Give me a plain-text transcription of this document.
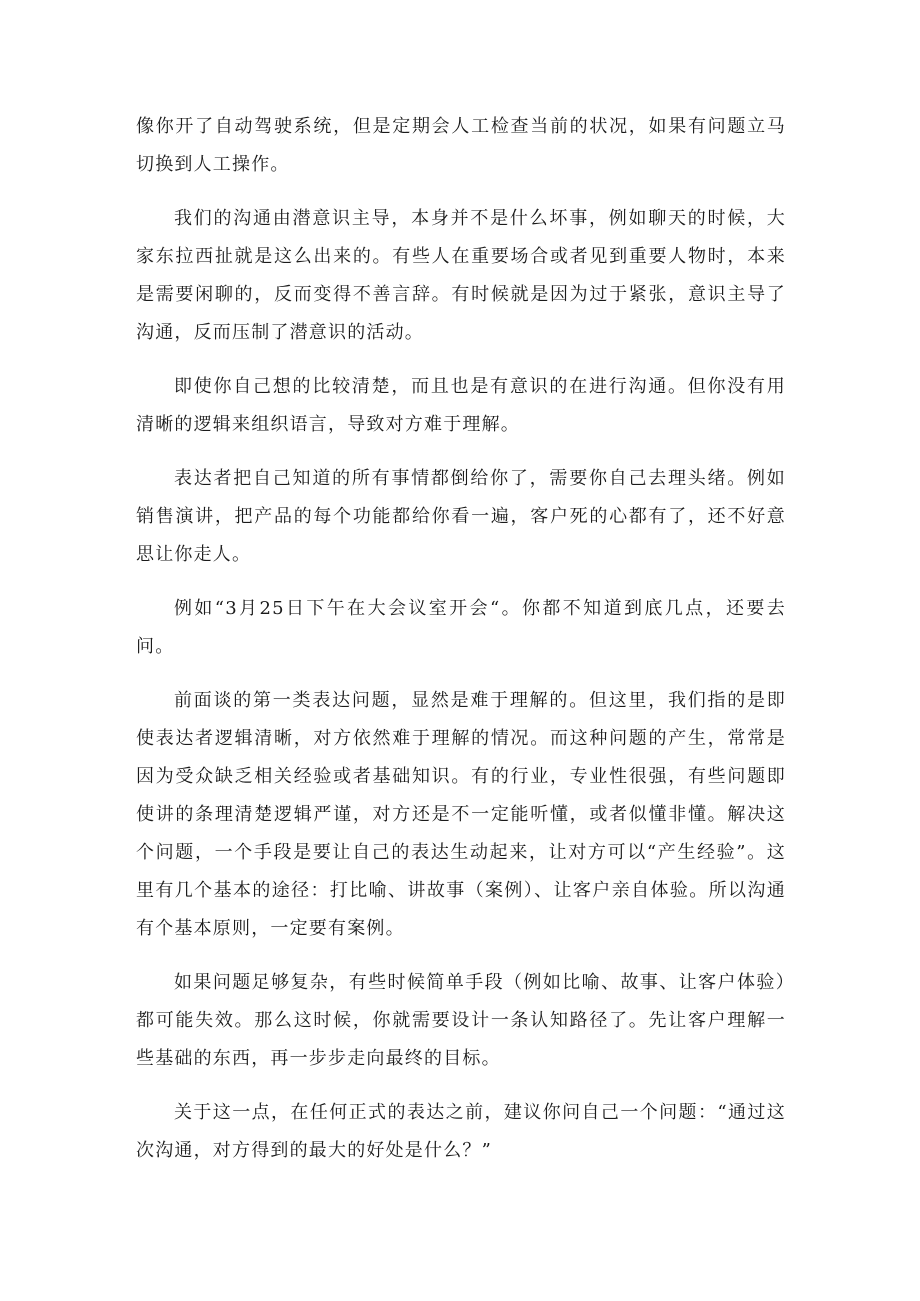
像你开了自动驾驶系统，但是定期会人工检查当前的状况，如果有问题立马切换到人工操作。

我们的沟通由潜意识主导，本身并不是什么坏事，例如聊天的时候，大家东拉西扯就是这么出来的。有些人在重要场合或者见到重要人物时，本来是需要闲聊的，反而变得不善言辞。有时候就是因为过于紧张，意识主导了沟通，反而压制了潜意识的活动。

即使你自己想的比较清楚，而且也是有意识的在进行沟通。但你没有用清晰的逻辑来组织语言，导致对方难于理解。

表达者把自己知道的所有事情都倒给你了，需要你自己去理头绪。例如销售演讲，把产品的每个功能都给你看一遍，客户死的心都有了，还不好意思让你走人。

例如“3月25日下午在大会议室开会“。你都不知道到底几点，还要去问。

前面谈的第一类表达问题，显然是难于理解的。但这里，我们指的是即使表达者逻辑清晰，对方依然难于理解的情况。而这种问题的产生，常常是因为受众缺乏相关经验或者基础知识。有的行业，专业性很强，有些问题即使讲的条理清楚逻辑严谨，对方还是不一定能听懂，或者似懂非懂。解决这个问题，一个手段是要让自己的表达生动起来，让对方可以“产生经验”。这里有几个基本的途径：打比喻、讲故事（案例）、让客户亲自体验。所以沟通有个基本原则，一定要有案例。

如果问题足够复杂，有些时候简单手段（例如比喻、故事、让客户体验）都可能失效。那么这时候，你就需要设计一条认知路径了。先让客户理解一些基础的东西，再一步步走向最终的目标。

关于这一点，在任何正式的表达之前，建议你问自己一个问题：“通过这次沟通，对方得到的最大的好处是什么？”
